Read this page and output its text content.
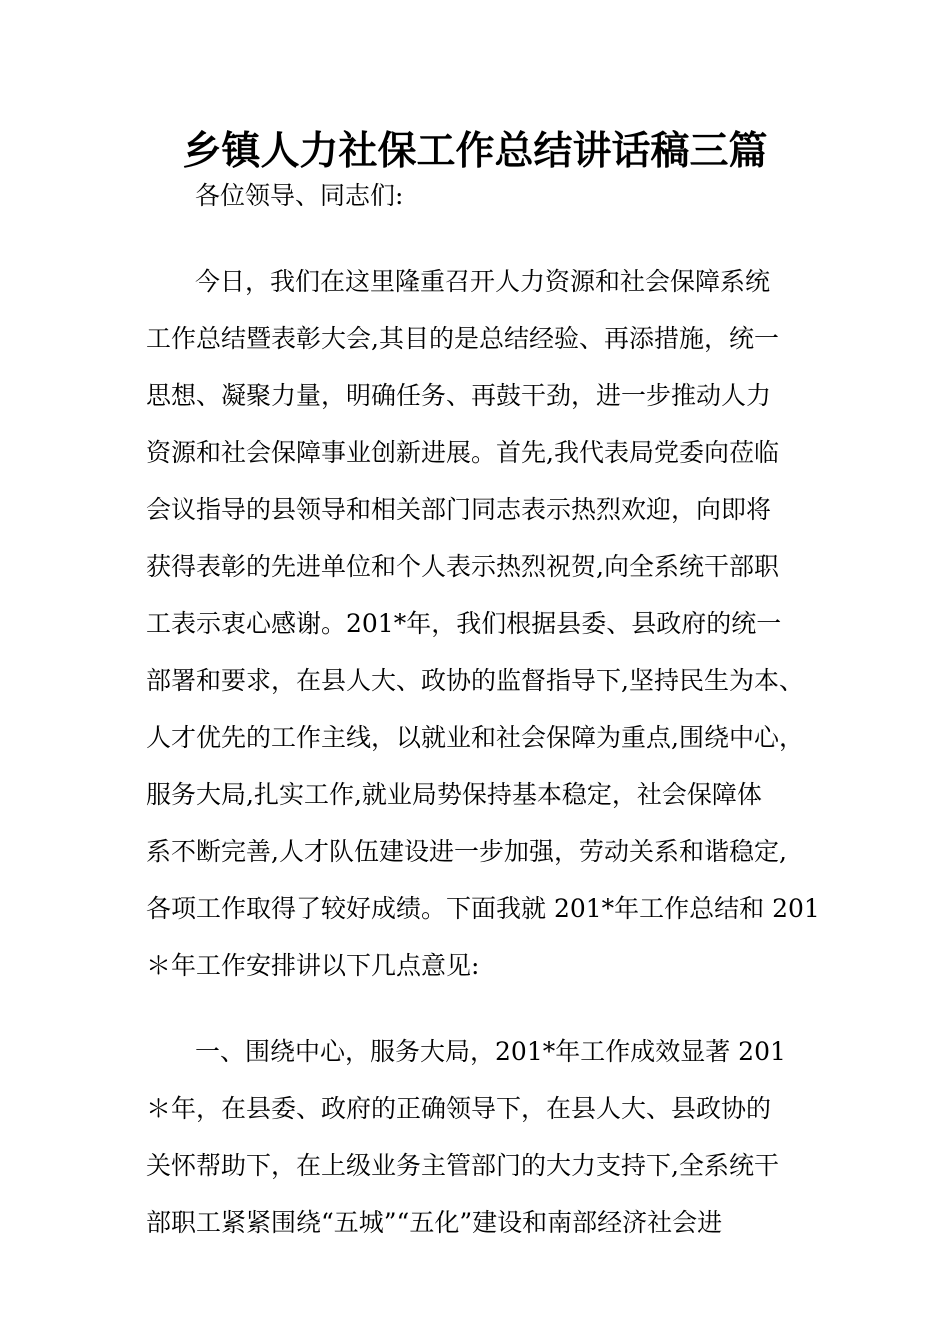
乡镇人力社保工作总结讲话稿三篇
各位领导、同志们:
今日，我们在这里隆重召开人力资源和社会保障系统
工作总结暨表彰大会,其目的是总结经验、再添措施，统一
思想、凝聚力量，明确任务、再鼓干劲，进一步推动人力
资源和社会保障事业创新进展。首先,我代表局党委向莅临
会议指导的县领导和相关部门同志表示热烈欢迎，向即将
获得表彰的先进单位和个人表示热烈祝贺,向全系统干部职
工表示衷心感谢。201*年，我们根据县委、县政府的统一
部署和要求，在县人大、政协的监督指导下,坚持民生为本、
人才优先的工作主线，以就业和社会保障为重点,围绕中心，
服务大局,扎实工作,就业局势保持基本稳定，社会保障体
系不断完善,人才队伍建设进一步加强，劳动关系和谐稳定,
各项工作取得了较好成绩。下面我就 201*年工作总结和 201
＊年工作安排讲以下几点意见:
一、围绕中心，服务大局，201*年工作成效显著 201
＊年，在县委、政府的正确领导下，在县人大、县政协的
关怀帮助下，在上级业务主管部门的大力支持下,全系统干
部职工紧紧围绕“五城”“五化”建设和南部经济社会进
